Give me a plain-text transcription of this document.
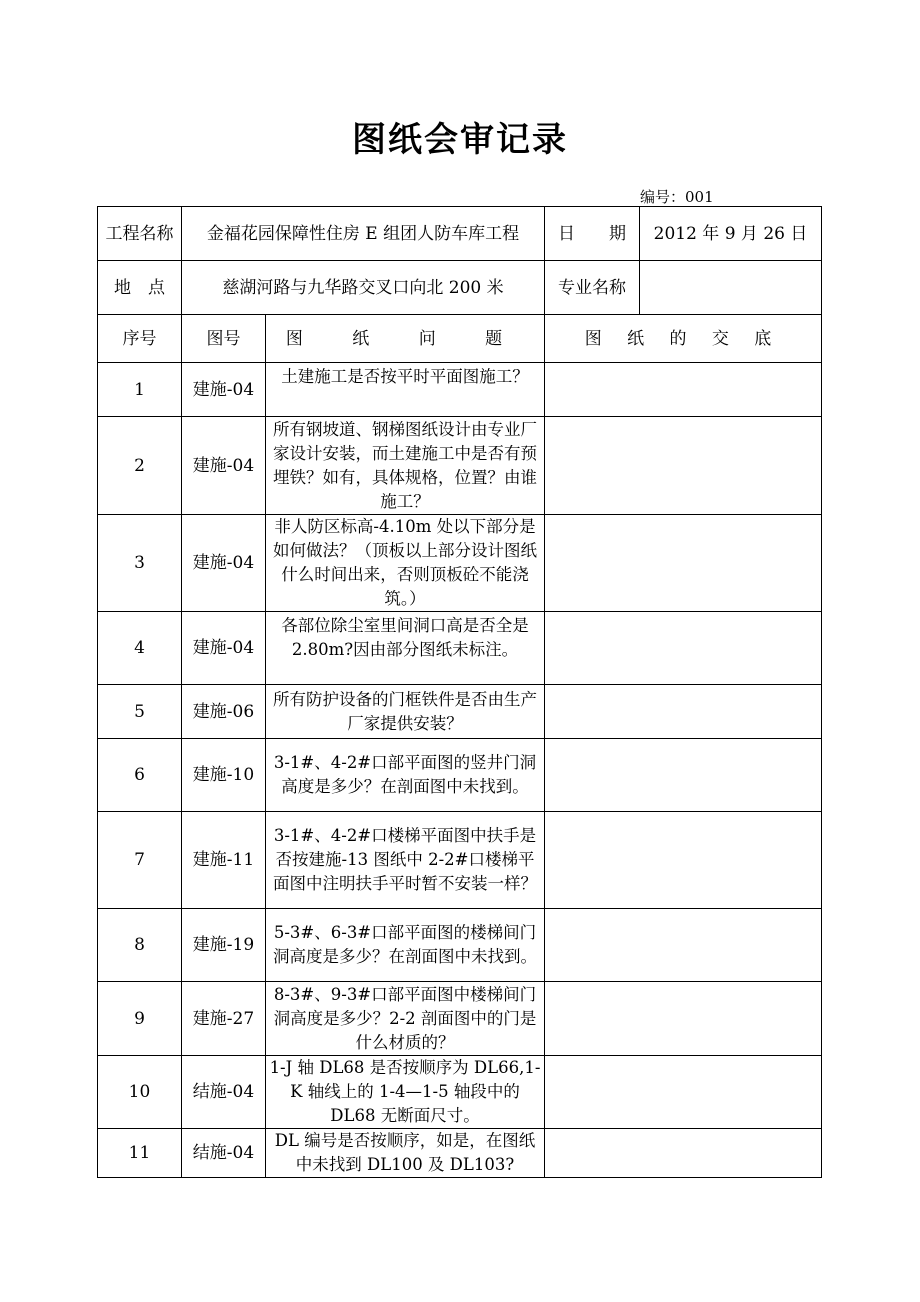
图纸会审记录
编号：001
工程名称	金福花园保障性住房 E 组团人防车库工程		日　　期	2012 年 9 月 26 日
地　点	慈湖河路与九华路交叉口向北 200 米		专业名称	
序号	图号	图 纸 问 题	图 纸 的 交 底	
1	建施-04	土建施工是否按平时平面图施工？		
2	建施-04	所有钢坡道、钢梯图纸设计由专业厂家设计安装，而土建施工中是否有预埋铁？如有，具体规格，位置？由谁施工？		
3	建施-04	非人防区标高-4.10m 处以下部分是如何做法？（顶板以上部分设计图纸什么时间出来，否则顶板砼不能浇筑。）		
4	建施-04	各部位除尘室里间洞口高是否全是 2.80m?因由部分图纸未标注。		
5	建施-06	所有防护设备的门框铁件是否由生产厂家提供安装？		
6	建施-10	3-1#、4-2#口部平面图的竖井门洞高度是多少？在剖面图中未找到。		
7	建施-11	3-1#、4-2#口楼梯平面图中扶手是否按建施-13 图纸中 2-2#口楼梯平面图中注明扶手平时暂不安装一样？		
8	建施-19	5-3#、6-3#口部平面图的楼梯间门洞高度是多少？在剖面图中未找到。		
9	建施-27	8-3#、9-3#口部平面图中楼梯间门洞高度是多少？2-2 剖面图中的门是什么材质的？		
10	结施-04	1-J 轴 DL68 是否按顺序为 DL66,1-K 轴线上的 1-4—1-5 轴段中的 DL68 无断面尺寸。		
11	结施-04	DL 编号是否按顺序，如是，在图纸中未找到 DL100 及 DL103?		
